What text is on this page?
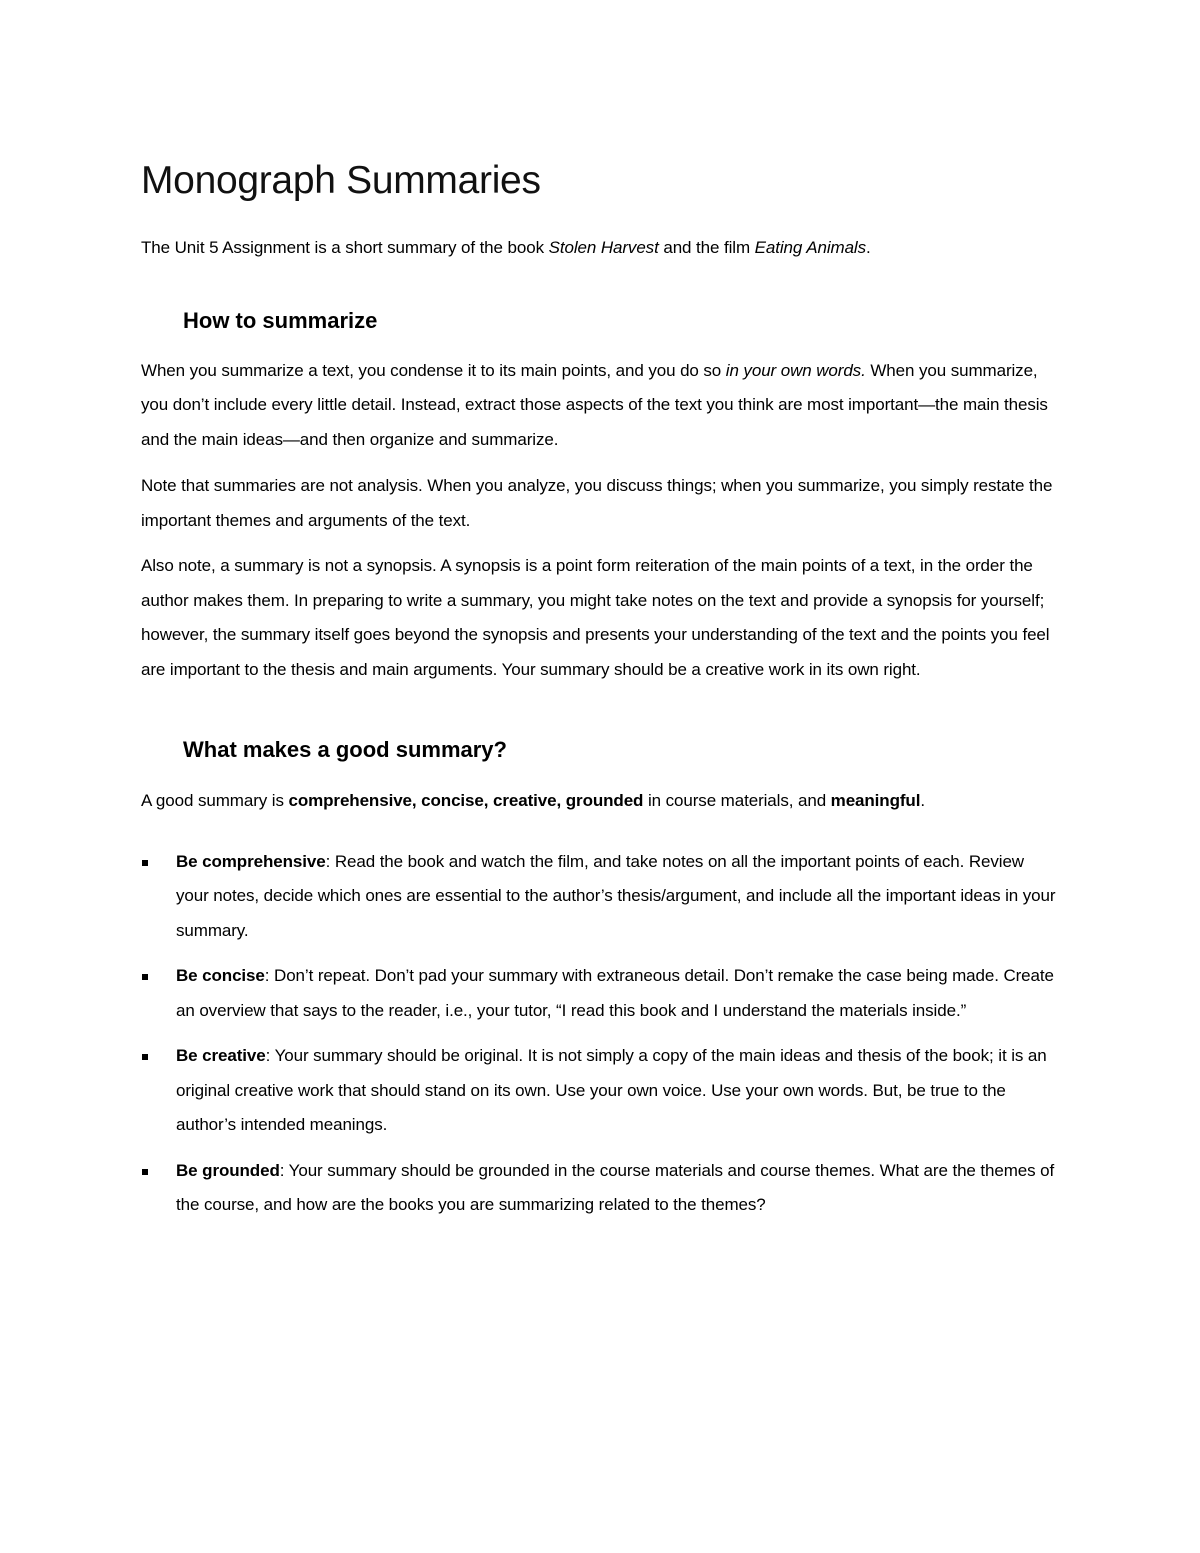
Monograph Summaries

The Unit 5 Assignment is a short summary of the book Stolen Harvest and the film Eating Animals.

How to summarize

When you summarize a text, you condense it to its main points, and you do so in your own words. When you summarize, you don’t include every little detail. Instead, extract those aspects of the text you think are most important—the main thesis and the main ideas—and then organize and summarize.

Note that summaries are not analysis. When you analyze, you discuss things; when you summarize, you simply restate the important themes and arguments of the text.

Also note, a summary is not a synopsis. A synopsis is a point form reiteration of the main points of a text, in the order the author makes them. In preparing to write a summary, you might take notes on the text and provide a synopsis for yourself; however, the summary itself goes beyond the synopsis and presents your understanding of the text and the points you feel are important to the thesis and main arguments. Your summary should be a creative work in its own right.

What makes a good summary?

A good summary is comprehensive, concise, creative, grounded in course materials, and meaningful.

Be comprehensive: Read the book and watch the film, and take notes on all the important points of each. Review your notes, decide which ones are essential to the author’s thesis/argument, and include all the important ideas in your summary.
Be concise: Don’t repeat. Don’t pad your summary with extraneous detail. Don’t remake the case being made. Create an overview that says to the reader, i.e., your tutor, “I read this book and I understand the materials inside.”
Be creative: Your summary should be original. It is not simply a copy of the main ideas and thesis of the book; it is an original creative work that should stand on its own. Use your own voice. Use your own words. But, be true to the author’s intended meanings.
Be grounded: Your summary should be grounded in the course materials and course themes. What are the themes of the course, and how are the books you are summarizing related to the themes?
